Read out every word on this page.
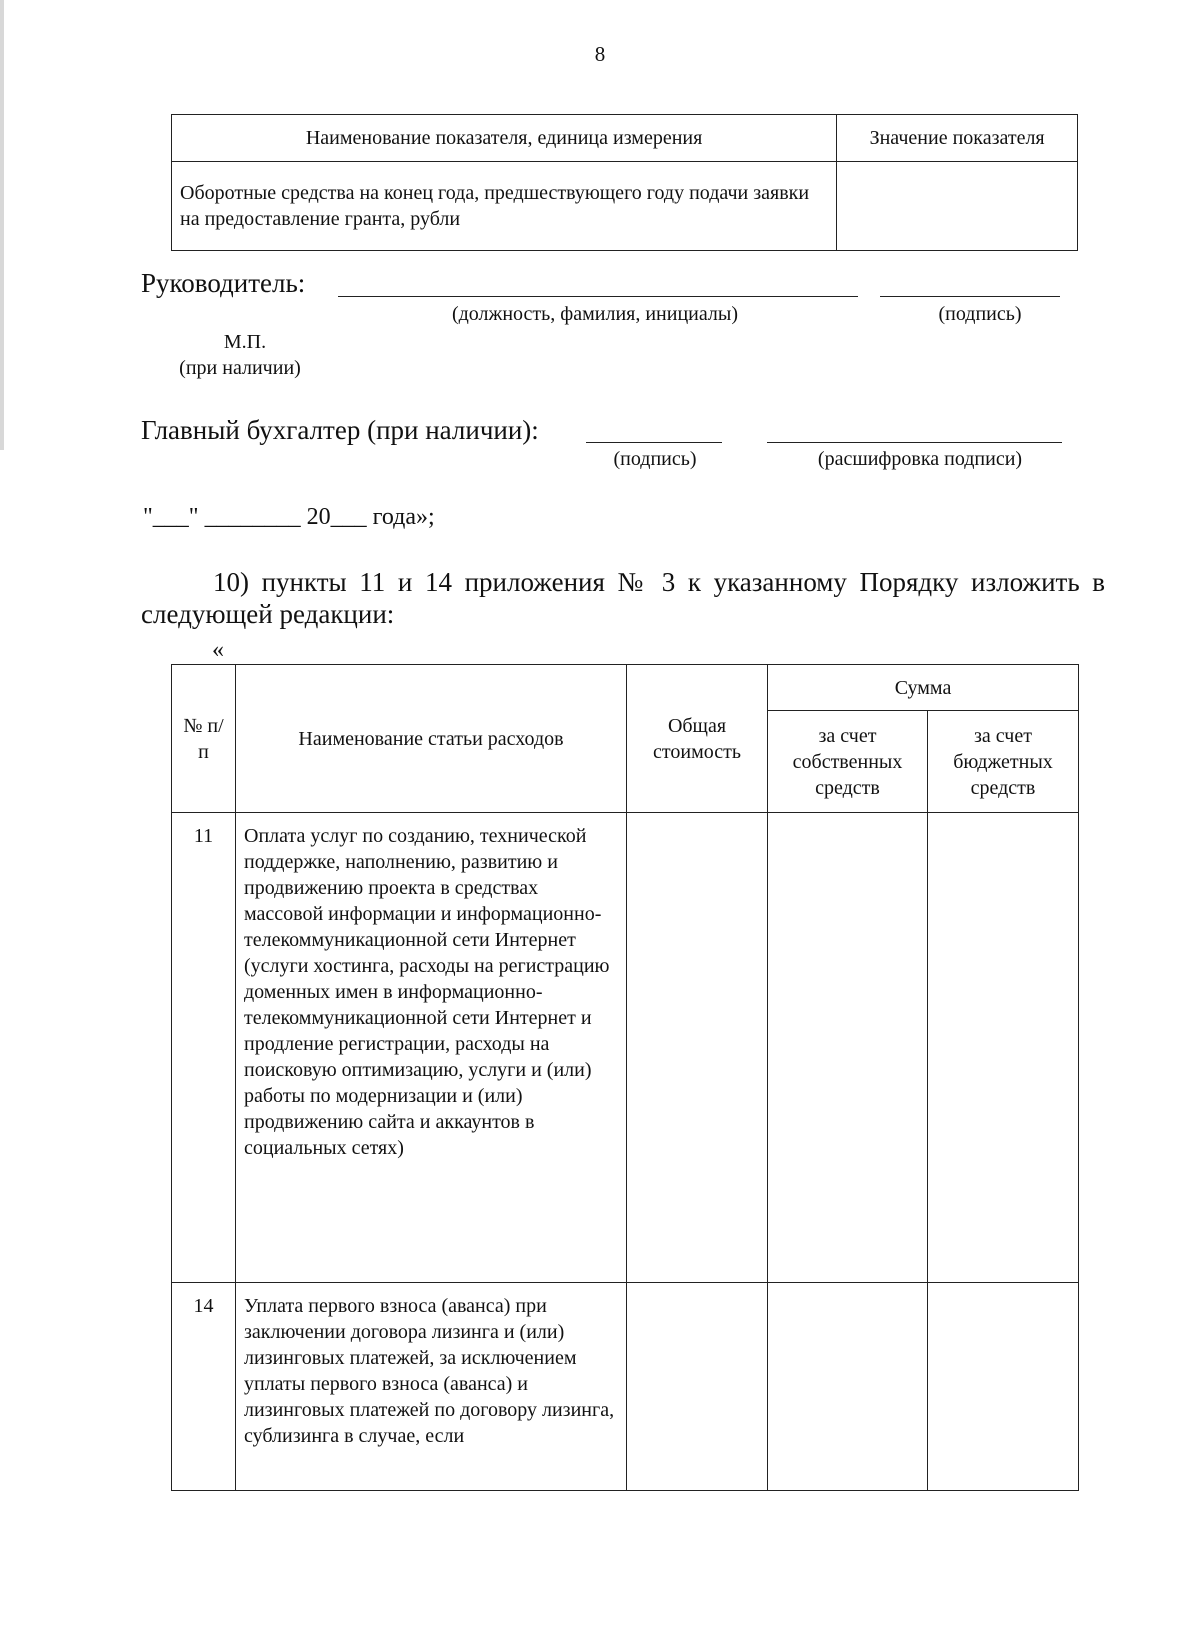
8
Наименование показателя, единица измерения	Значение показателя
Оборотные средства на конец года, предшествующего году подачи заявки на предоставление гранта, рубли	
Руководитель:
(должность, фамилия, инициалы)	(подпись)
М.П.
(при наличии)
Главный бухгалтер (при наличии):
(подпись)	(расшифровка подписи)
"___" ________ 20___ года»;
10) пункты 11 и 14 приложения № 3 к указанному Порядку изложить в следующей редакции:
«
№ п/п	Наименование статьи расходов	Общая стоимость	Сумма	
			за счет собственных средств	за счет бюджетных средств
11	Оплата услуг по созданию, технической поддержке, наполнению, развитию и продвижению проекта в средствах массовой информации и информационно-телекоммуникационной сети Интернет (услуги хостинга, расходы на регистрацию доменных имен в информационно-телекоммуникационной сети Интернет и продление регистрации, расходы на поисковую оптимизацию, услуги и (или) работы по модернизации и (или) продвижению сайта и аккаунтов в социальных сетях)			
14	Уплата первого взноса (аванса) при заключении договора лизинга и (или) лизинговых платежей, за исключением уплаты первого взноса (аванса) и лизинговых платежей по договору лизинга, сублизинга в случае, если			
